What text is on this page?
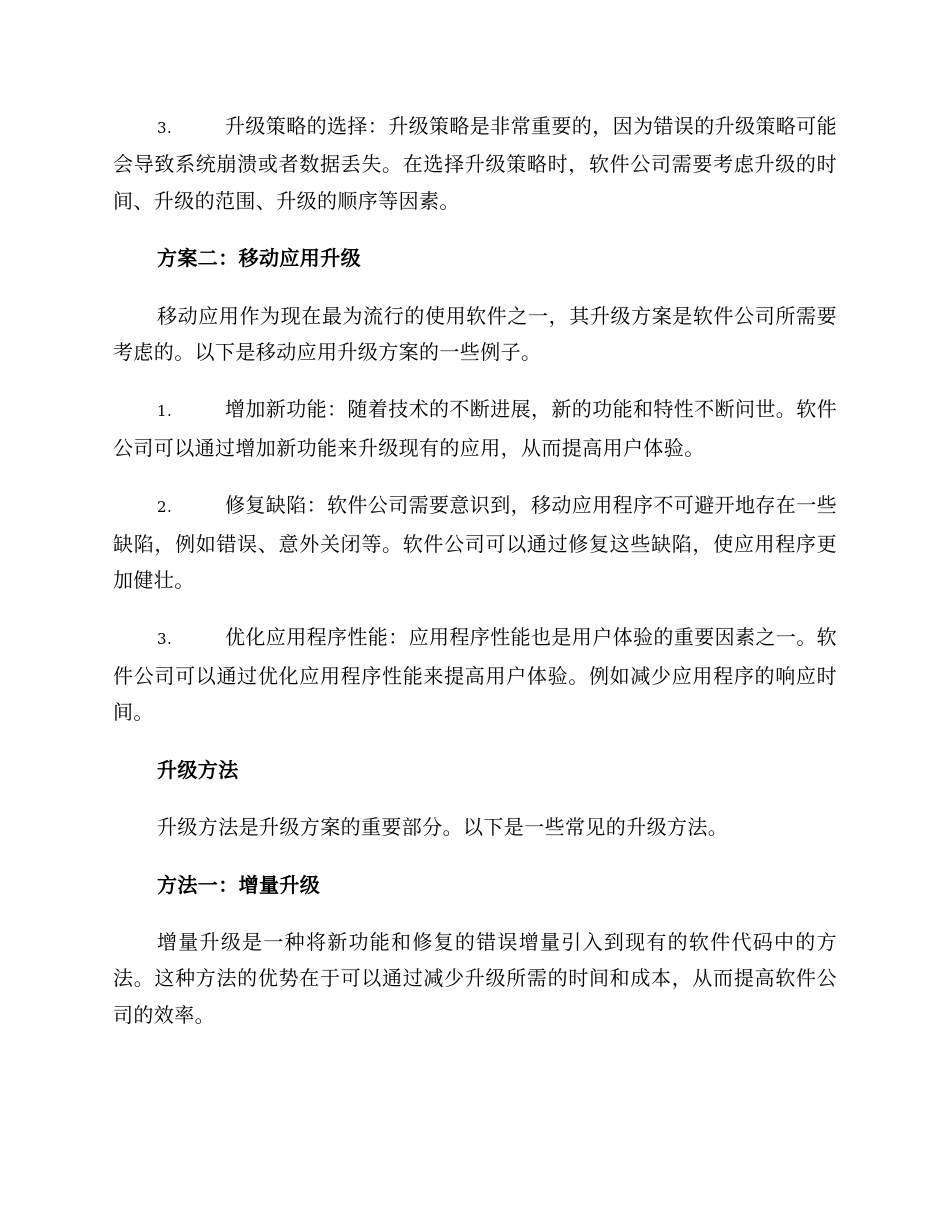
3.	升级策略的选择：升级策略是非常重要的，因为错误的升级策略可能会导致系统崩溃或者数据丢失。在选择升级策略时，软件公司需要考虑升级的时间、升级的范围、升级的顺序等因素。

方案二：移动应用升级

移动应用作为现在最为流行的使用软件之一，其升级方案是软件公司所需要考虑的。以下是移动应用升级方案的一些例子。

1.	增加新功能：随着技术的不断进展，新的功能和特性不断问世。软件公司可以通过增加新功能来升级现有的应用，从而提高用户体验。

2.	修复缺陷：软件公司需要意识到，移动应用程序不可避开地存在一些缺陷，例如错误、意外关闭等。软件公司可以通过修复这些缺陷，使应用程序更加健壮。

3.	优化应用程序性能：应用程序性能也是用户体验的重要因素之一。软件公司可以通过优化应用程序性能来提高用户体验。例如减少应用程序的响应时间。

升级方法

升级方法是升级方案的重要部分。以下是一些常见的升级方法。

方法一：增量升级

增量升级是一种将新功能和修复的错误增量引入到现有的软件代码中的方法。这种方法的优势在于可以通过减少升级所需的时间和成本，从而提高软件公司的效率。
